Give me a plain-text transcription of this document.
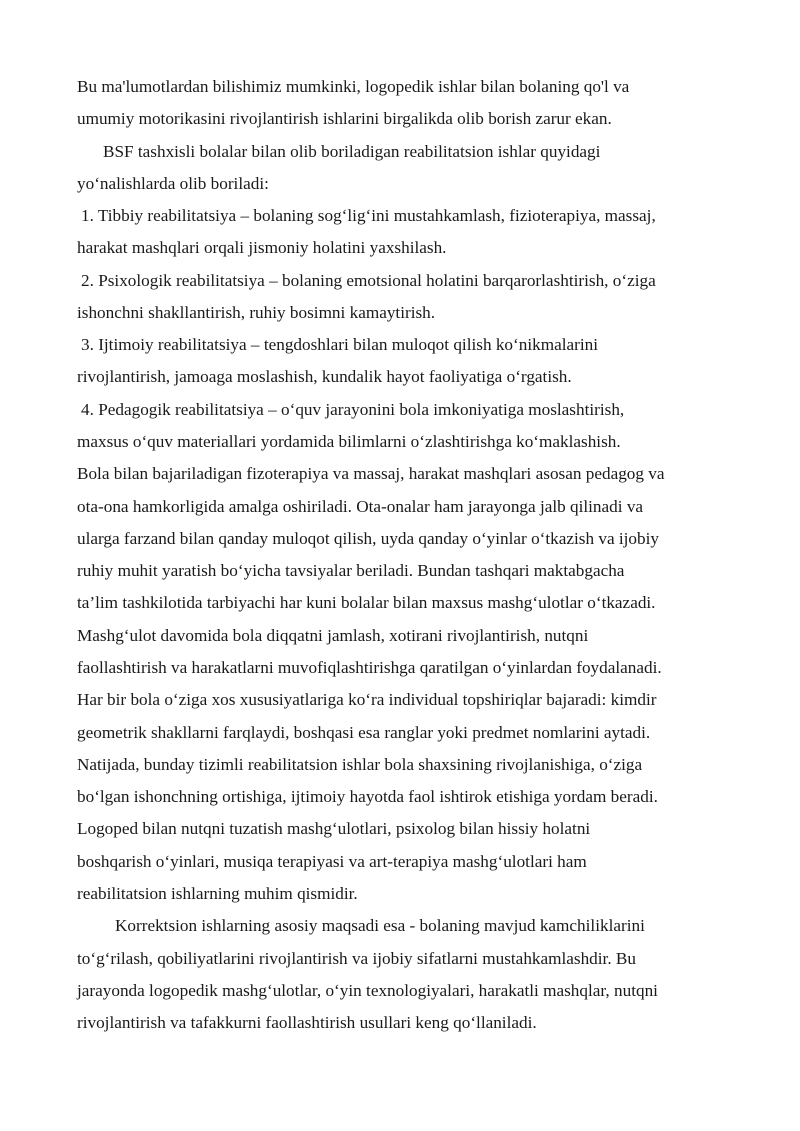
Bu ma'lumotlardan bilishimiz mumkinki, logopedik ishlar bilan bolaning qo'l va

umumiy motorikasini rivojlantirish ishlarini birgalikda olib borish zarur ekan.

BSF tashxisli bolalar bilan olib boriladigan reabilitatsion ishlar quyidagi

yo‘nalishlarda olib boriladi:

1. Tibbiy reabilitatsiya – bolaning sog‘lig‘ini mustahkamlash, fizioterapiya, massaj,

harakat mashqlari orqali jismoniy holatini yaxshilash.

2. Psixologik reabilitatsiya – bolaning emotsional holatini barqarorlashtirish, o‘ziga

ishonchni shakllantirish, ruhiy bosimni kamaytirish.

3. Ijtimoiy reabilitatsiya – tengdoshlari bilan muloqot qilish ko‘nikmalarini

rivojlantirish, jamoaga moslashish, kundalik hayot faoliyatiga o‘rgatish.

4. Pedagogik reabilitatsiya – o‘quv jarayonini bola imkoniyatiga moslashtirish,

maxsus o‘quv materiallari yordamida bilimlarni o‘zlashtirishga ko‘maklashish.

Bola bilan bajariladigan fizoterapiya va massaj, harakat mashqlari asosan pedagog va

ota-ona hamkorligida amalga oshiriladi. Ota-onalar ham jarayonga jalb qilinadi va

ularga farzand bilan qanday muloqot qilish, uyda qanday o‘yinlar o‘tkazish va ijobiy

ruhiy muhit yaratish bo‘yicha tavsiyalar beriladi. Bundan tashqari maktabgacha

ta’lim tashkilotida tarbiyachi har kuni bolalar bilan maxsus mashg‘ulotlar o‘tkazadi.

Mashg‘ulot davomida bola diqqatni jamlash, xotirani rivojlantirish, nutqni

faollashtirish va harakatlarni muvofiqlashtirishga qaratilgan o‘yinlardan foydalanadi.

Har bir bola o‘ziga xos xususiyatlariga ko‘ra individual topshiriqlar bajaradi: kimdir

geometrik shakllarni farqlaydi, boshqasi esa ranglar yoki predmet nomlarini aytadi.

Natijada, bunday tizimli reabilitatsion ishlar bola shaxsining rivojlanishiga, o‘ziga

bo‘lgan ishonchning ortishiga, ijtimoiy hayotda faol ishtirok etishiga yordam beradi.

Logoped bilan nutqni tuzatish mashg‘ulotlari, psixolog bilan hissiy holatni

boshqarish o‘yinlari, musiqa terapiyasi va art-terapiya mashg‘ulotlari ham

reabilitatsion ishlarning muhim qismidir.

Korrektsion ishlarning asosiy maqsadi esa - bolaning mavjud kamchiliklarini

to‘g‘rilash, qobiliyatlarini rivojlantirish va ijobiy sifatlarni mustahkamlashdir. Bu

jarayonda logopedik mashg‘ulotlar, o‘yin texnologiyalari, harakatli mashqlar, nutqni

rivojlantirish va tafakkurni faollashtirish usullari keng qo‘llaniladi.
